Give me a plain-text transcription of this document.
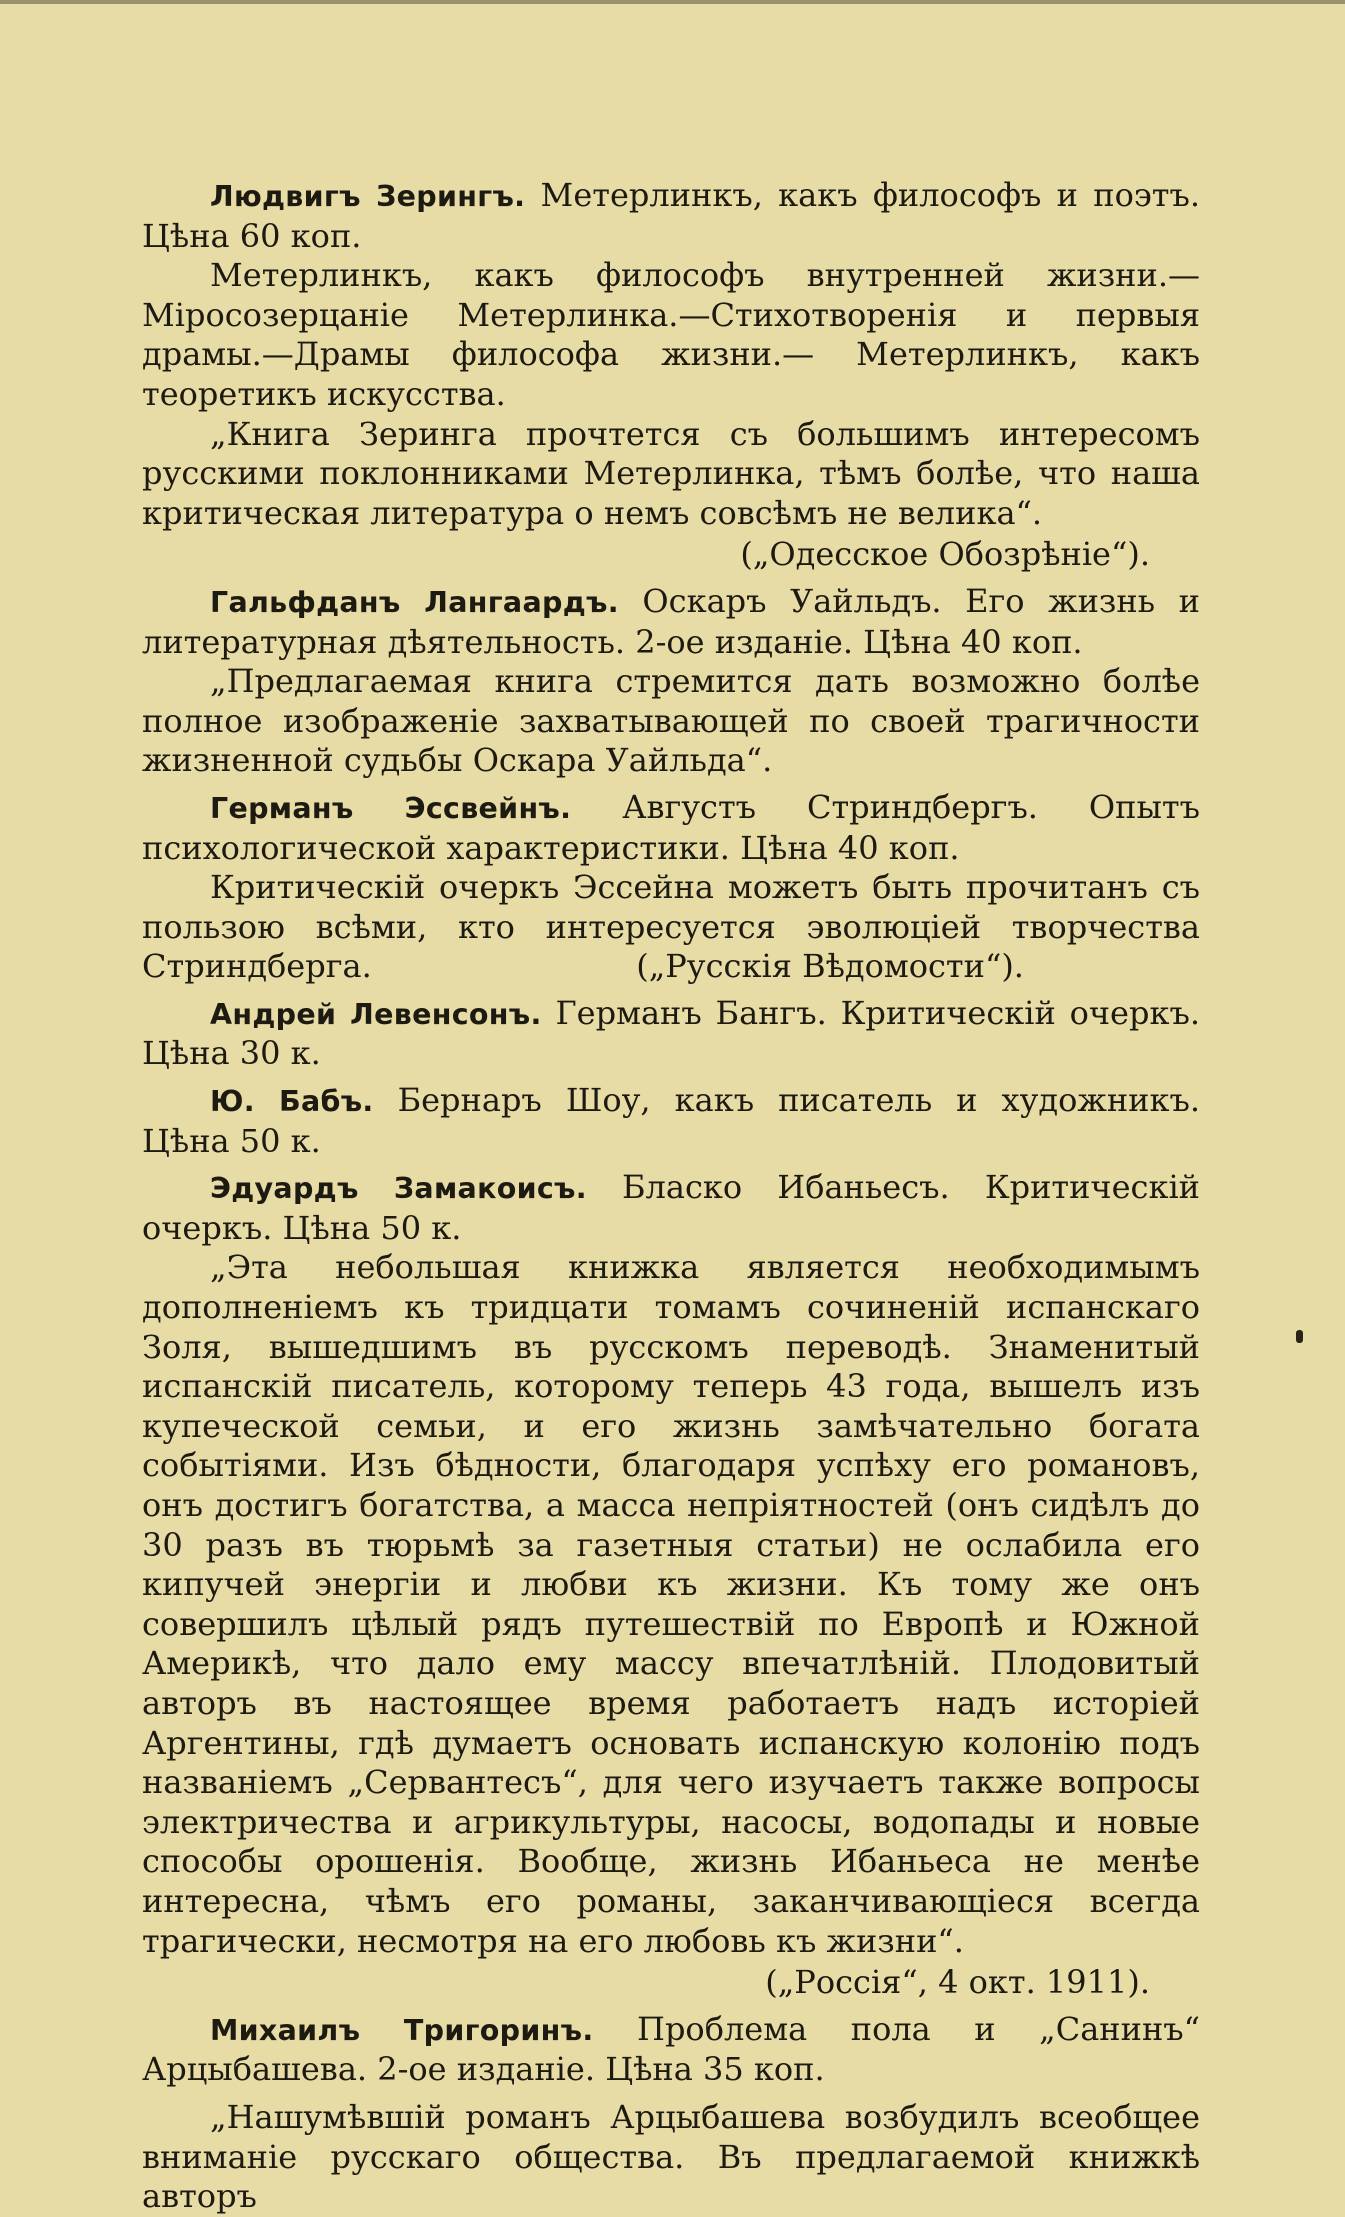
Людвигъ Зерингъ. Метерлинкъ, какъ философъ и поэтъ. Цѣна 60 коп.

Метерлинкъ, какъ философъ внутренней жизни.—Міросозерцаніе Метерлинка.—Стихотворенія и первыя драмы.—Драмы философа жизни.— Метерлинкъ, какъ теоретикъ искусства.

„Книга Зеринга прочтется съ большимъ интересомъ русскими поклонниками Метерлинка, тѣмъ болѣе, что наша критическая литература о немъ совсѣмъ не велика“.

(„Одесское Обозрѣніе“).

Гальфданъ Лангаардъ. Оскаръ Уайльдъ. Его жизнь и литературная дѣятельность. 2-ое изданіе. Цѣна 40 коп.

„Предлагаемая книга стремится дать возможно болѣе полное изображеніе захватывающей по своей трагичности жизненной судьбы Оскара Уайльда“.

Германъ Эссвейнъ. Августъ Стриндбергъ. Опытъ психологической характеристики. Цѣна 40 коп.

Критическій очеркъ Эссейна можетъ быть прочитанъ съ пользою всѣми, кто интересуется эволюціей творчества Стриндберга.                          („Русскія Вѣдомости“).

Андрей Левенсонъ. Германъ Бангъ. Критическій очеркъ. Цѣна 30 к.

Ю. Бабъ. Бернаръ Шоу, какъ писатель и художникъ. Цѣна 50 к.

Эдуардъ Замакоисъ. Бласко Ибаньесъ. Критическій очеркъ. Цѣна 50 к.

„Эта небольшая книжка является необходимымъ дополненіемъ къ тридцати томамъ сочиненій испанскаго Золя, вышедшимъ въ русскомъ переводѣ. Знаменитый испанскій писатель, которому теперь 43 года, вышелъ изъ купеческой семьи, и его жизнь замѣчательно богата событіями. Изъ бѣдности, благодаря успѣху его романовъ, онъ достигъ богатства, а масса непріятностей (онъ сидѣлъ до 30 разъ въ тюрьмѣ за газетныя статьи) не ослабила его кипучей энергіи и любви къ жизни. Къ тому же онъ совершилъ цѣлый рядъ путешествій по Европѣ и Южной Америкѣ, что дало ему массу впечатлѣній. Плодовитый авторъ въ настоящее время работаетъ надъ исторіей Аргентины, гдѣ думаетъ основать испанскую колонію подъ названіемъ „Сервантесъ“, для чего изучаетъ также вопросы электричества и агрикультуры, насосы, водопады и новые способы орошенія. Вообще, жизнь Ибаньеса не менѣе интересна, чѣмъ его романы, заканчивающіеся всегда трагически, несмотря на его любовь къ жизни“.

(„Россія“, 4 окт. 1911).

Михаилъ Тригоринъ. Проблема пола и „Санинъ“ Арцыбашева. 2-ое изданіе. Цѣна 35 коп.

„Нашумѣвшій романъ Арцыбашева возбудилъ всеобщее вниманіе русскаго общества. Въ предлагаемой книжкѣ авторъ
